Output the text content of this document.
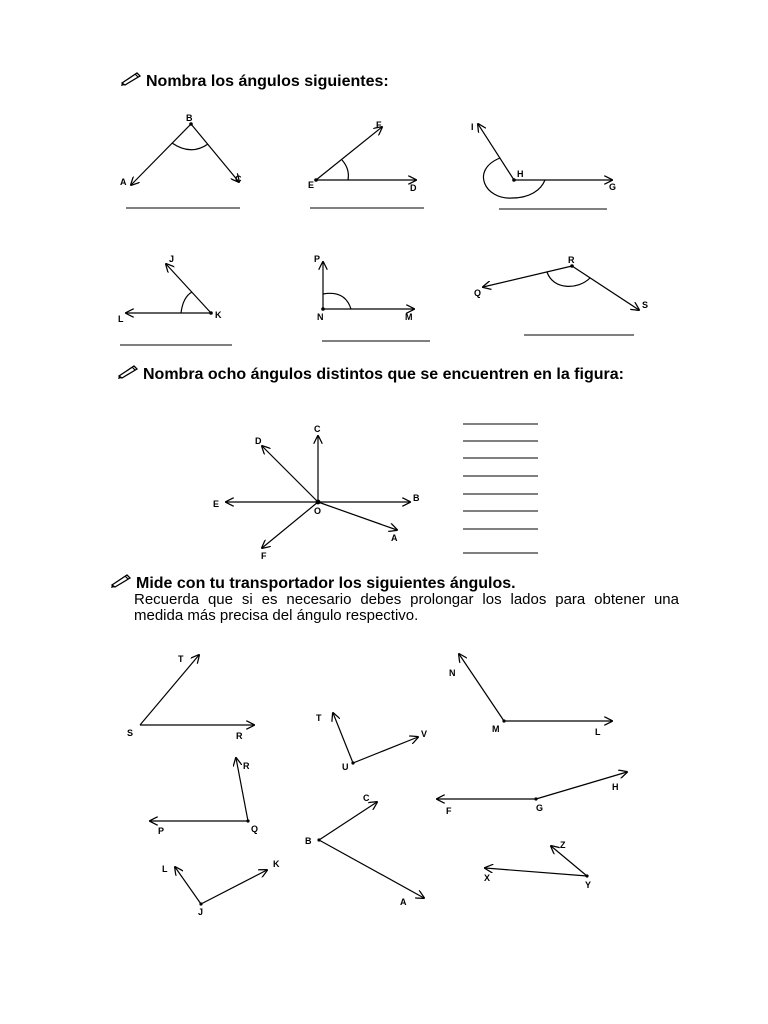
Nombra los ángulos siguientes:
Nombra ocho ángulos distintos que se encuentren en la figura:
Mide con tu transportador los siguientes ángulos.
Recuerda que si es necesario debes prolongar los lados para obtener una medida más precisa del ángulo respectivo.
A
B
C
E
F
D
I
H
G
J
L	K
P
N	M
R
Q
S
C
D
E
O
B
F
A
T
S	R
T
U
V
N
M	L
R
P	Q
C
B
A
F	G
H
L	K
J
Z
X
Y
